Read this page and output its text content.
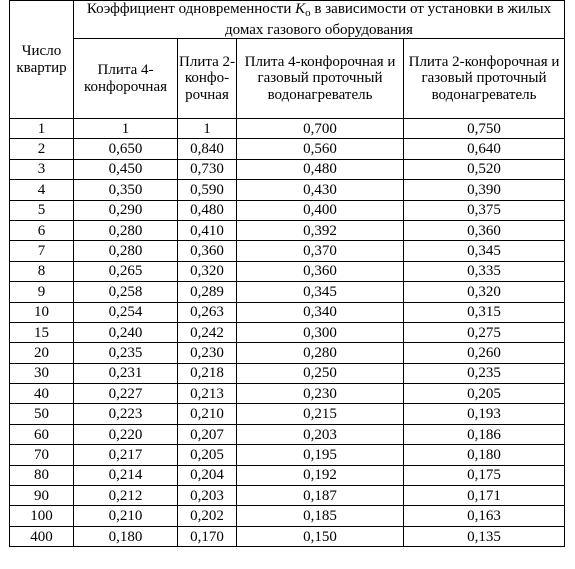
Число квартир	Коэффициент одновременности $K_о$ в зависимости от установки в жилых домах газового оборудования			
	Плита 4-конфорочная	Плита 2-конфо-рочная	Плита 4-конфорочная и газовый проточный водонагреватель	Плита 2-конфорочная и газовый проточный водонагреватель
1	1	1	0,700	0,750
2	0,650	0,840	0,560	0,640
3	0,450	0,730	0,480	0,520
4	0,350	0,590	0,430	0,390
5	0,290	0,480	0,400	0,375
6	0,280	0,410	0,392	0,360
7	0,280	0,360	0,370	0,345
8	0,265	0,320	0,360	0,335
9	0,258	0,289	0,345	0,320
10	0,254	0,263	0,340	0,315
15	0,240	0,242	0,300	0,275
20	0,235	0,230	0,280	0,260
30	0,231	0,218	0,250	0,235
40	0,227	0,213	0,230	0,205
50	0,223	0,210	0,215	0,193
60	0,220	0,207	0,203	0,186
70	0,217	0,205	0,195	0,180
80	0,214	0,204	0,192	0,175
90	0,212	0,203	0,187	0,171
100	0,210	0,202	0,185	0,163
400	0,180	0,170	0,150	0,135
